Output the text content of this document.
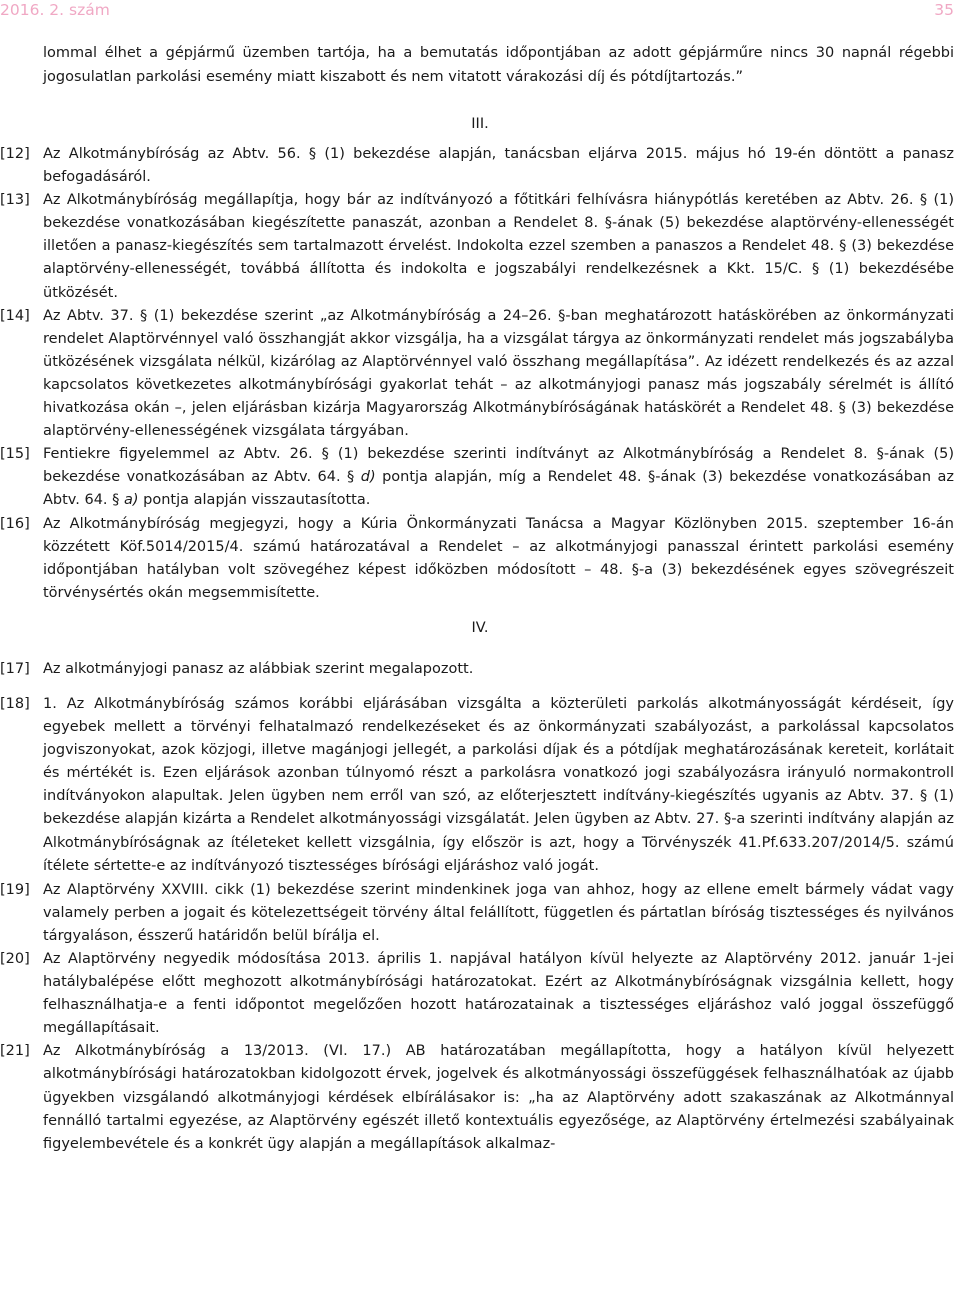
2016. 2. szám	35

lommal élhet a gépjármű üzemben tartója, ha a bemutatás időpontjában az adott gépjárműre nincs 30 napnál régebbi jogosulatlan parkolási esemény miatt kiszabott és nem vitatott várakozási díj és pótdíjtartozás.”

III.
[12] Az Alkotmánybíróság az Abtv. 56. § (1) bekezdése alapján, tanácsban eljárva 2015. május hó 19-én döntött a panasz befogadásáról.
[13] Az Alkotmánybíróság megállapítja, hogy bár az indítványozó a főtitkári felhívásra hiánypótlás keretében az Abtv. 26. § (1) bekezdése vonatkozásában kiegészítette panaszát, azonban a Rendelet 8. §-ának (5) bekezdése alaptörvény-ellenességét illetően a panasz-kiegészítés sem tartalmazott érvelést. Indokolta ezzel szemben a panaszos a Rendelet 48. § (3) bekezdése alaptörvény-ellenességét, továbbá állította és indokolta e jogszabályi rendelkezésnek a Kkt. 15/C. § (1) bekezdésébe ütközését.
[14] Az Abtv. 37. § (1) bekezdése szerint „az Alkotmánybíróság a 24–26. §-ban meghatározott hatáskörében az önkormányzati rendelet Alaptörvénnyel való összhangját akkor vizsgálja, ha a vizsgálat tárgya az önkormányzati rendelet más jogszabályba ütközésének vizsgálata nélkül, kizárólag az Alaptörvénnyel való összhang megállapítása”. Az idézett rendelkezés és az azzal kapcsolatos következetes alkotmánybírósági gyakorlat tehát – az alkotmányjogi panasz más jogszabály sérelmét is állító hivatkozása okán –, jelen eljárásban kizárja Magyarország Alkotmánybíróságának hatáskörét a Rendelet 48. § (3) bekezdése alaptörvény-ellenességének vizsgálata tárgyában.
[15] Fentiekre figyelemmel az Abtv. 26. § (1) bekezdése szerinti indítványt az Alkotmánybíróság a Rendelet 8. §-ának (5) bekezdése vonatkozásában az Abtv. 64. § d) pontja alapján, míg a Rendelet 48. §-ának (3) bekezdése vonatkozásában az Abtv. 64. § a) pontja alapján visszautasította.
[16] Az Alkotmánybíróság megjegyzi, hogy a Kúria Önkormányzati Tanácsa a Magyar Közlönyben 2015. szeptember 16-án közzétett Köf.5014/2015/4. számú határozatával a Rendelet – az alkotmányjogi panasszal érintett parkolási esemény időpontjában hatályban volt szövegéhez képest időközben módosított – 48. §-a (3) bekezdésének egyes szövegrészeit törvénysértés okán megsemmisítette.
IV.
[17] Az alkotmányjogi panasz az alábbiak szerint megalapozott.
[18] 1. Az Alkotmánybíróság számos korábbi eljárásában vizsgálta a közterületi parkolás alkotmányosságát kérdéseit, így egyebek mellett a törvényi felhatalmazó rendelkezéseket és az önkormányzati szabályozást, a parkolással kapcsolatos jogviszonyokat, azok közjogi, illetve magánjogi jellegét, a parkolási díjak és a pótdíjak meghatározásának kereteit, korlátait és mértékét is. Ezen eljárások azonban túlnyomó részt a parkolásra vonatkozó jogi szabályozásra irányuló normakontroll indítványokon alapultak. Jelen ügyben nem erről van szó, az előterjesztett indítvány-kiegészítés ugyanis az Abtv. 37. § (1) bekezdése alapján kizárta a Rendelet alkotmányossági vizsgálatát. Jelen ügyben az Abtv. 27. §-a szerinti indítvány alapján az Alkotmánybíróságnak az ítéleteket kellett vizsgálnia, így először is azt, hogy a Törvényszék 41.Pf.633.207/2014/5. számú ítélete sértette-e az indítványozó tisztességes bírósági eljáráshoz való jogát.
[19] Az Alaptörvény XXVIII. cikk (1) bekezdése szerint mindenkinek joga van ahhoz, hogy az ellene emelt bármely vádat vagy valamely perben a jogait és kötelezettségeit törvény által felállított, független és pártatlan bíróság tisztességes és nyilvános tárgyaláson, ésszerű határidőn belül bírálja el.
[20] Az Alaptörvény negyedik módosítása 2013. április 1. napjával hatályon kívül helyezte az Alaptörvény 2012. január 1-jei hatálybalépése előtt meghozott alkotmánybírósági határozatokat. Ezért az Alkotmánybíróságnak vizsgálnia kellett, hogy felhasználhatja-e a fenti időpontot megelőzően hozott határozatainak a tisztességes eljáráshoz való joggal összefüggő megállapításait.
[21] Az Alkotmánybíróság a 13/2013. (VI. 17.) AB határozatában megállapította, hogy a hatályon kívül helyezett alkotmánybírósági határozatokban kidolgozott érvek, jogelvek és alkotmányossági összefüggések felhasználhatóak az újabb ügyekben vizsgálandó alkotmányjogi kérdések elbírálásakor is: „ha az Alaptörvény adott szakaszának az Alkotmánnyal fennálló tartalmi egyezése, az Alaptörvény egészét illető kontextuális egyezősége, az Alaptörvény értelmezési szabályainak figyelembevétele és a konkrét ügy alapján a megállapítások alkalmaz-
